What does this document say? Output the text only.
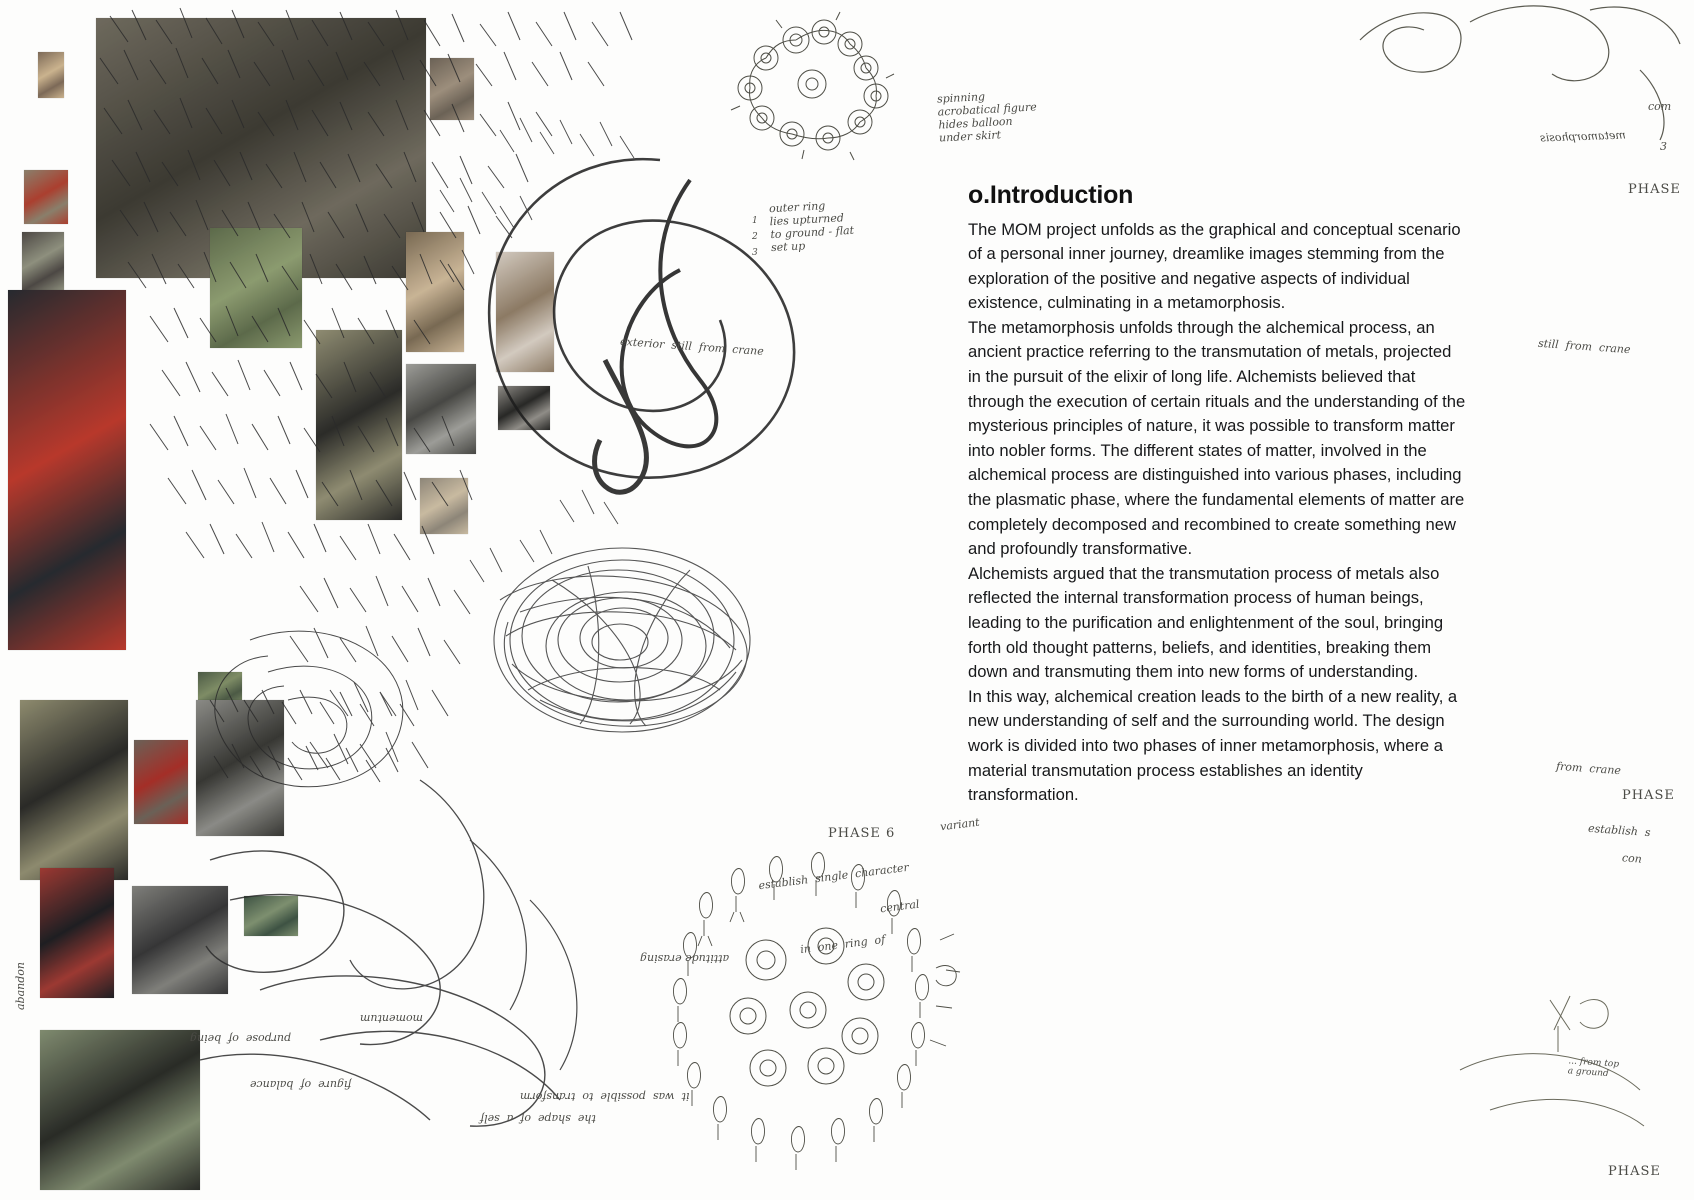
spinning
acrobatical figure
hides balloon
under skirt
outer ring
lies upturned
to ground - flat
set up
1
2
3
exterior  still  from  crane	still  from  crane
PHASE 6
variant
establish  single  character
central
in  one  ring  of
com
3
metamorphosis
PHASE
from  crane
PHASE
establish  s
con
... from top
a ground
PHASE
abandon
momentum
attitude erasing
figure  of  balance
purpose  of  being
the  shape  of  a  self
it  was  possible  to  transform
o.Introduction

The MOM project unfolds as the graphical and conceptual scenario of a personal inner journey, dreamlike images stemming from the exploration of the positive and negative aspects of individual existence, culminating in a metamorphosis.

The metamorphosis unfolds through the alchemical process, an ancient practice referring to the transmutation of metals, projected in the pursuit of the elixir of long life. Alchemists believed that through the execution of certain rituals and the understanding of the mysterious principles of nature, it was possible to transform matter into nobler forms. The different states of matter, involved in the alchemical process are distinguished into various phases, including the plasmatic phase, where the fundamental elements of matter are completely decomposed and recombined to create something new and profoundly transformative.

Alchemists argued that the transmutation process of metals also reflected the internal transformation process of human beings, leading to the purification and enlightenment of the soul, bringing forth old thought patterns, beliefs, and identities, breaking them down and transmuting them into new forms of understanding.

In this way, alchemical creation leads to the birth of a new reality, a new understanding of self and the surrounding world. The design work is divided into two phases of inner metamorphosis, where a material transmutation process establishes an identity transformation.
